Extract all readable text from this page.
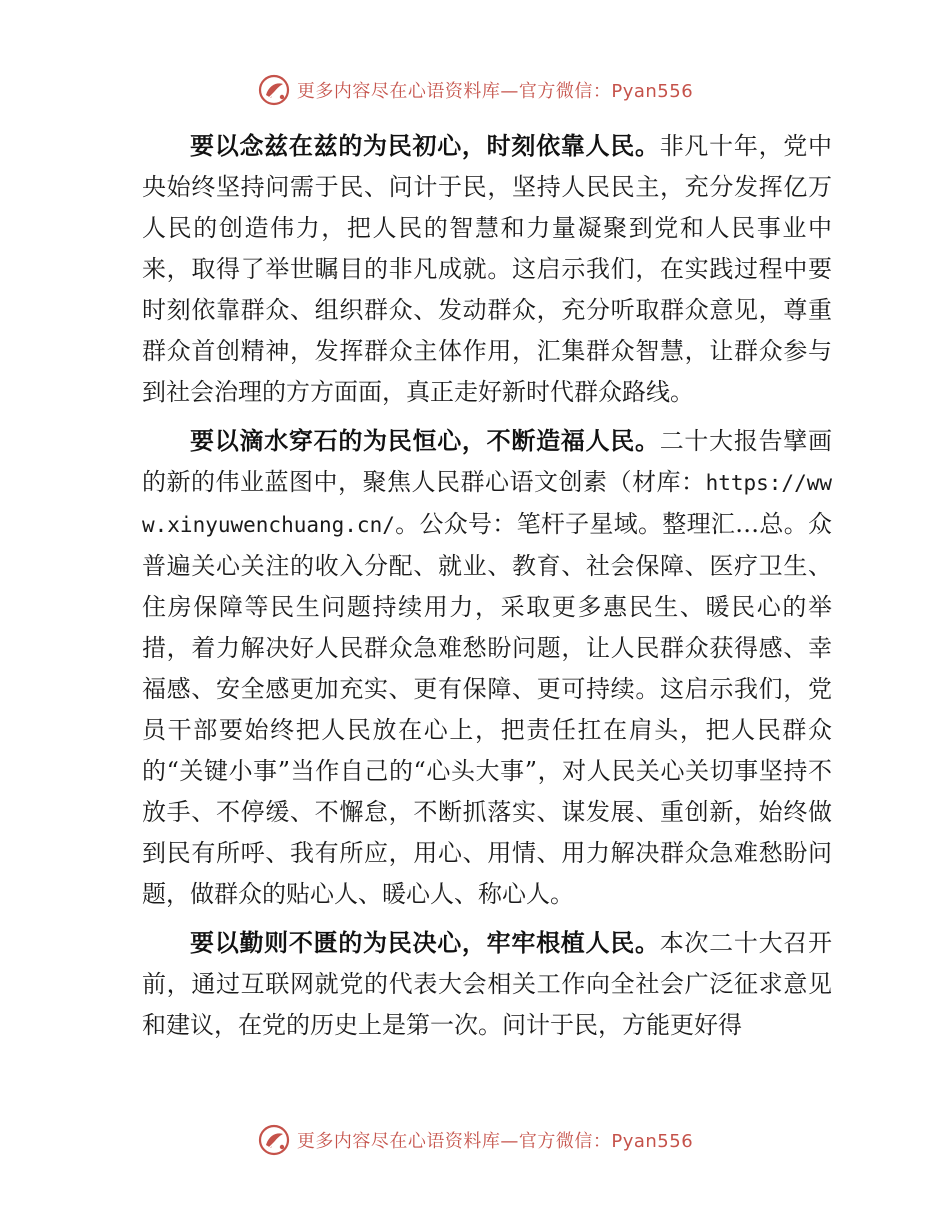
更多内容尽在心语资料库—官方微信：Pyan556

要以念兹在兹的为民初心，时刻依靠人民。非凡十年，党中央始终坚持问需于民、问计于民，坚持人民民主，充分发挥亿万人民的创造伟力，把人民的智慧和力量凝聚到党和人民事业中来，取得了举世瞩目的非凡成就。这启示我们，在实践过程中要时刻依靠群众、组织群众、发动群众，充分听取群众意见，尊重群众首创精神，发挥群众主体作用，汇集群众智慧，让群众参与到社会治理的方方面面，真正走好新时代群众路线。

要以滴水穿石的为民恒心，不断造福人民。二十大报告擘画的新的伟业蓝图中，聚焦人民群心语文创素（材库：https://www.xinyuwenchuang.cn/。公众号：笔杆子星域。整理汇…总。众普遍关心关注的收入分配、就业、教育、社会保障、医疗卫生、住房保障等民生问题持续用力，采取更多惠民生、暖民心的举措，着力解决好人民群众急难愁盼问题，让人民群众获得感、幸福感、安全感更加充实、更有保障、更可持续。这启示我们，党员干部要始终把人民放在心上，把责任扛在肩头，把人民群众的“关键小事”当作自己的“心头大事”，对人民关心关切事坚持不放手、不停缓、不懈怠，不断抓落实、谋发展、重创新，始终做到民有所呼、我有所应，用心、用情、用力解决群众急难愁盼问题，做群众的贴心人、暖心人、称心人。

要以勤则不匮的为民决心，牢牢根植人民。本次二十大召开前，通过互联网就党的代表大会相关工作向全社会广泛征求意见和建议，在党的历史上是第一次。问计于民，方能更好得

更多内容尽在心语资料库—官方微信：Pyan556
